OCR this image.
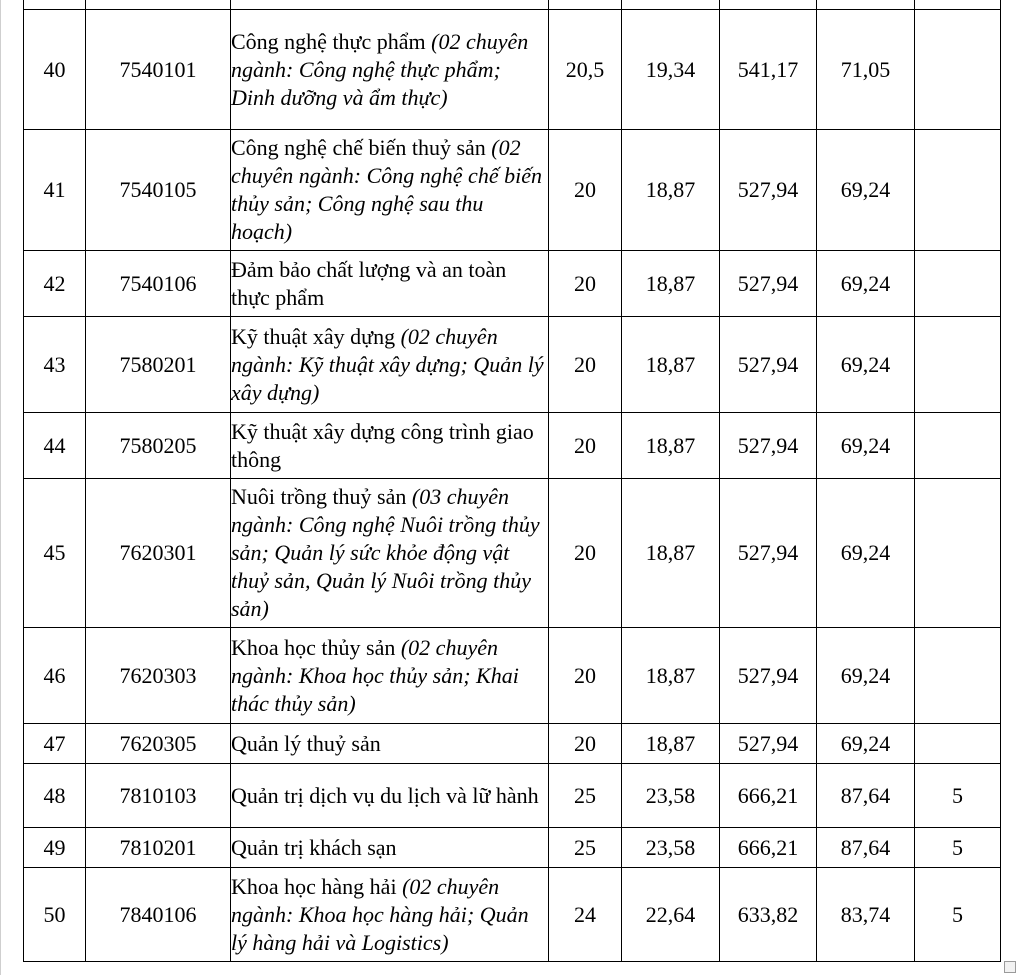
40	7540101	Công nghệ thực phẩm (02 chuyên ngành: Công nghệ thực phẩm; Dinh dưỡng và ẩm thực)	20,5	19,34	541,17	71,05	
41	7540105	Công nghệ chế biến thuỷ sản (02 chuyên ngành: Công nghệ chế biến thủy sản; Công nghệ sau thu hoạch)	20	18,87	527,94	69,24	
42	7540106	Đảm bảo chất lượng và an toàn thực phẩm	20	18,87	527,94	69,24	
43	7580201	Kỹ thuật xây dựng (02 chuyên ngành: Kỹ thuật xây dựng; Quản lý xây dựng)	20	18,87	527,94	69,24	
44	7580205	Kỹ thuật xây dựng công trình giao thông	20	18,87	527,94	69,24	
45	7620301	Nuôi trồng thuỷ sản (03 chuyên ngành: Công nghệ Nuôi trồng thủy sản; Quản lý sức khỏe động vật thuỷ sản, Quản lý Nuôi trồng thủy sản)	20	18,87	527,94	69,24	
46	7620303	Khoa học thủy sản (02 chuyên ngành: Khoa học thủy sản; Khai thác thủy sản)	20	18,87	527,94	69,24	
47	7620305	Quản lý thuỷ sản	20	18,87	527,94	69,24	
48	7810103	Quản trị dịch vụ du lịch và lữ hành	25	23,58	666,21	87,64	5
49	7810201	Quản trị khách sạn	25	23,58	666,21	87,64	5
50	7840106	Khoa học hàng hải (02 chuyên ngành: Khoa học hàng hải; Quản lý hàng hải và Logistics)	24	22,64	633,82	83,74	5
